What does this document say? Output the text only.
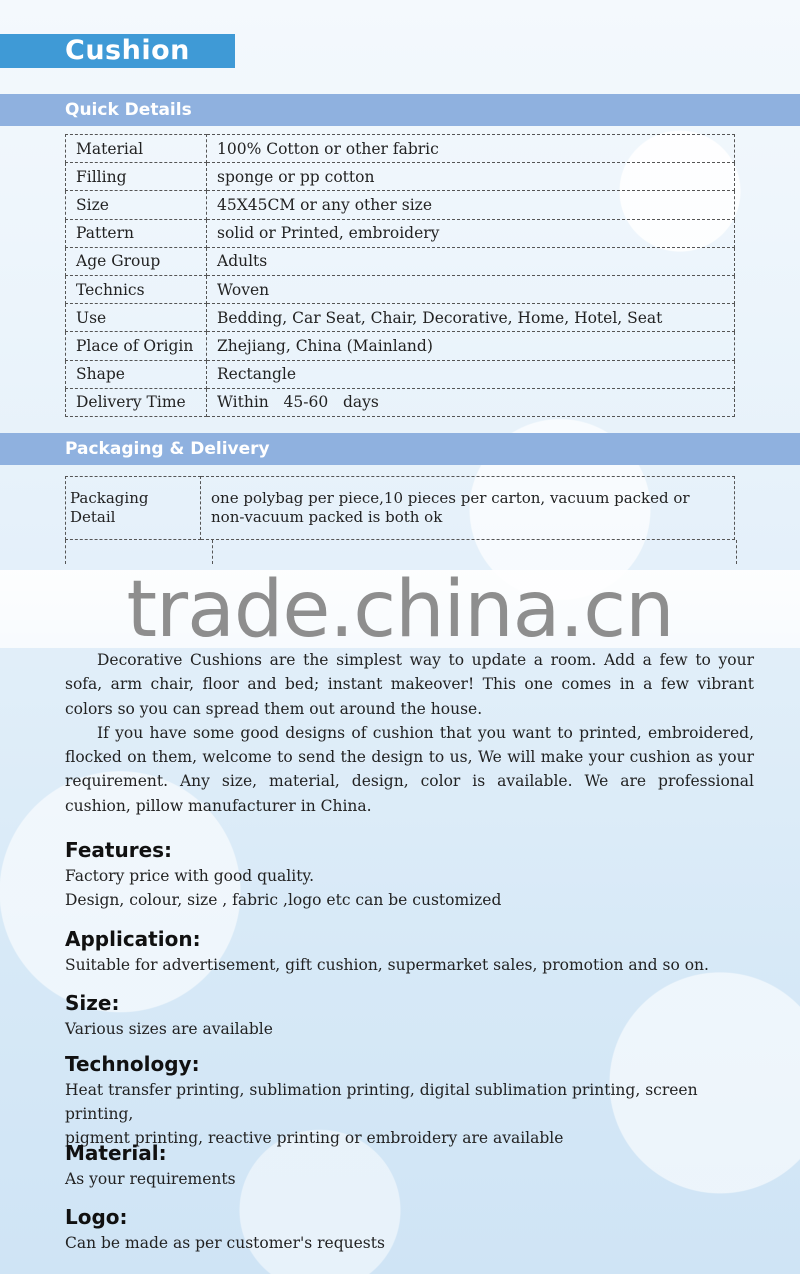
Cushion
Quick Details
Material	100% Cotton or other fabric
Filling	sponge or pp cotton
Size	45X45CM or any other size
Pattern	solid or Printed, embroidery
Age Group	Adults
Technics	Woven
Use	Bedding, Car Seat, Chair, Decorative, Home, Hotel, Seat
Place of Origin	Zhejiang, China (Mainland)
Shape	Rectangle
Delivery Time	Within   45-60   days
Packaging & Delivery
Packaging Detail	one polybag per piece,10 pieces per carton, vacuum packed or non-vacuum packed is both ok
trade.china.cn

Decorative Cushions are the simplest way to update a room. Add a few to your sofa, arm chair, floor and bed; instant makeover! This one comes in a few vibrant colors so you can spread them out around the house.

If you have some good designs of cushion that you want to printed, embroidered, flocked on them, welcome to send the design to us, We will make your cushion as your requirement. Any size, material, design, color is available. We are professional cushion, pillow manufacturer in China.

Features:
Factory price with good quality.
Design, colour, size , fabric ,logo etc can be customized
Application:
Suitable for advertisement, gift cushion, supermarket sales, promotion and so on.
Size:
Various sizes are available
Technology:
Heat transfer printing, sublimation printing, digital sublimation printing, screen printing,
pigment printing, reactive printing or embroidery are available
Material:
As your requirements
Logo:
Can be made as per customer's requests
